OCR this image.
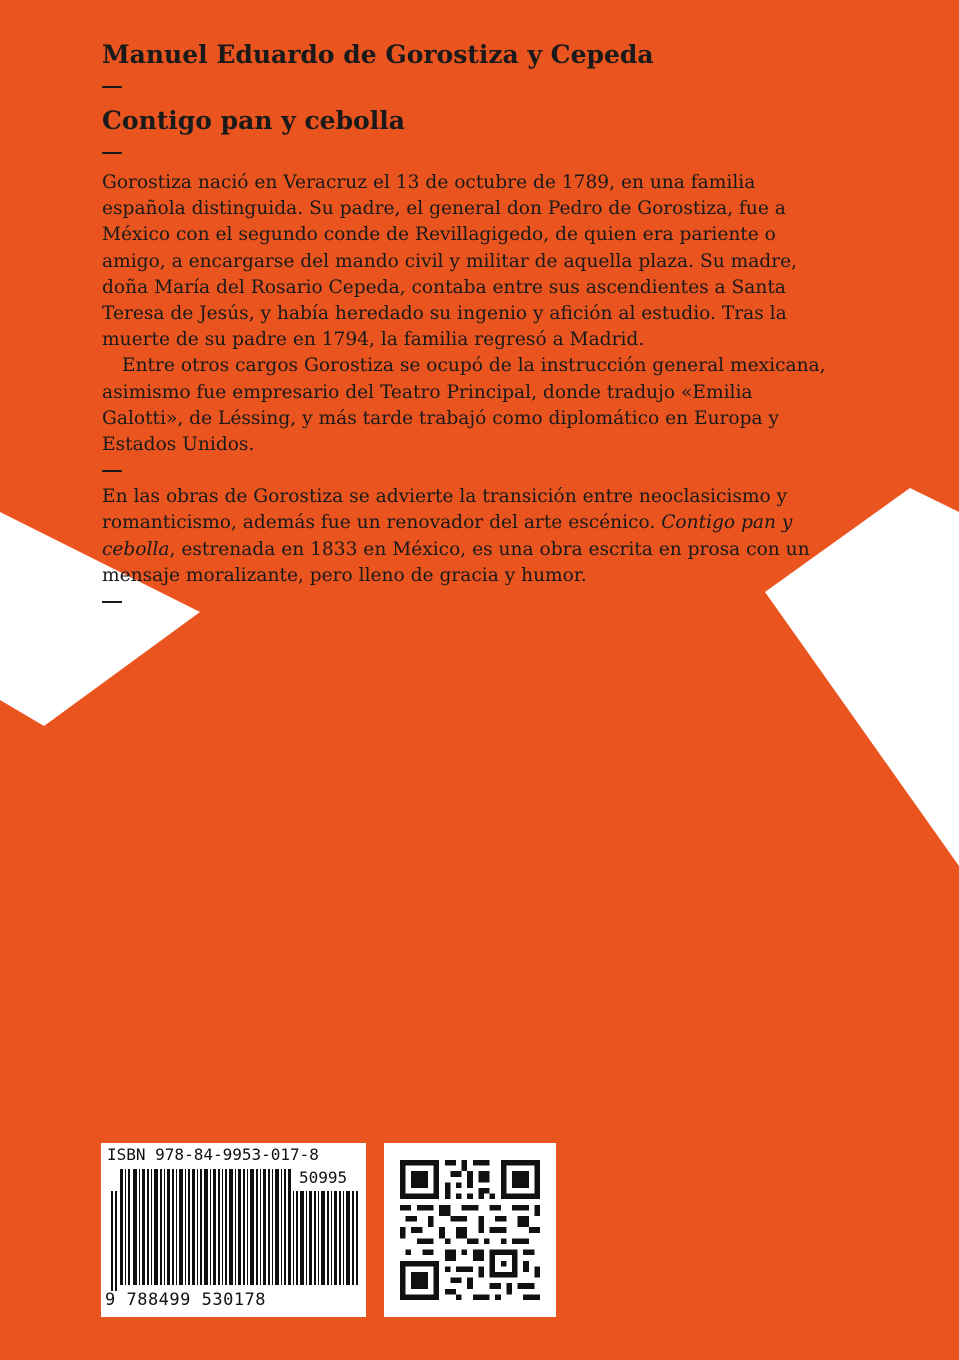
Manuel Eduardo de Gorostiza y Cepeda
Contigo pan y cebolla

Gorostiza nació en Veracruz el 13 de octubre de 1789, en una familia española distinguida. Su padre, el general don Pedro de Gorostiza, fue a México con el segundo conde de Revillagigedo, de quien era pariente o amigo, a encargarse del mando civil y militar de aquella plaza. Su madre, doña María del Rosario Cepeda, contaba entre sus ascendientes a Santa Teresa de Jesús, y había heredado su ingenio y afición al estudio. Tras la muerte de su padre en 1794, la familia regresó a Madrid.

Entre otros cargos Gorostiza se ocupó de la instrucción general mexicana, asimismo fue empresario del Teatro Principal, donde tradujo «Emilia Galotti», de Léssing, y más tarde trabajó como diplomático en Europa y Estados Unidos.

En las obras de Gorostiza se advierte la transición entre neoclasicismo y romanticismo, además fue un renovador del arte escénico. Contigo pan y cebolla, estrenada en 1833 en México, es una obra escrita en prosa con un mensaje moralizante, pero lleno de gracia y humor.

ISBN 978-84-9953-017-8
50995
9 788499 530178
